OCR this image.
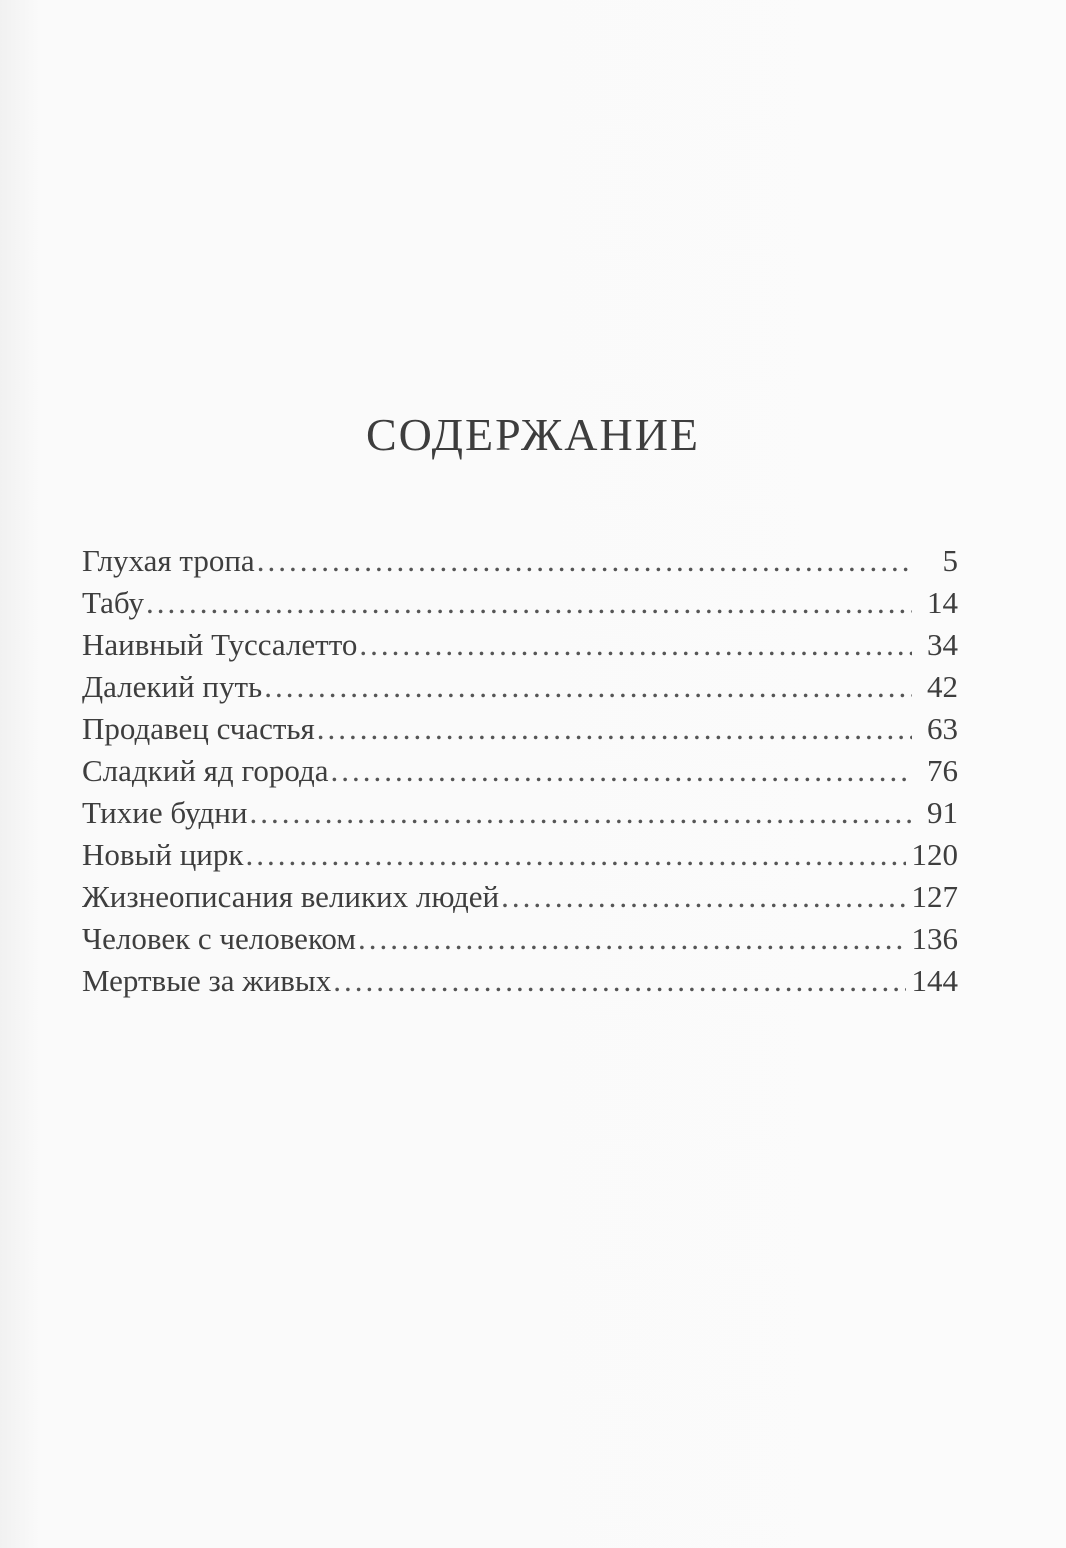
СОДЕРЖАНИЕ
Глухая тропа .....	5
Табу .....	14
Наивный Туссалетто .....	34
Далекий путь .....	42
Продавец счастья .....	63
Сладкий яд города .....	76
Тихие будни .....	91
Новый цирк .....	120
Жизнеописания великих людей .....	127
Человек с человеком .....	136
Мертвые за живых .....	144
